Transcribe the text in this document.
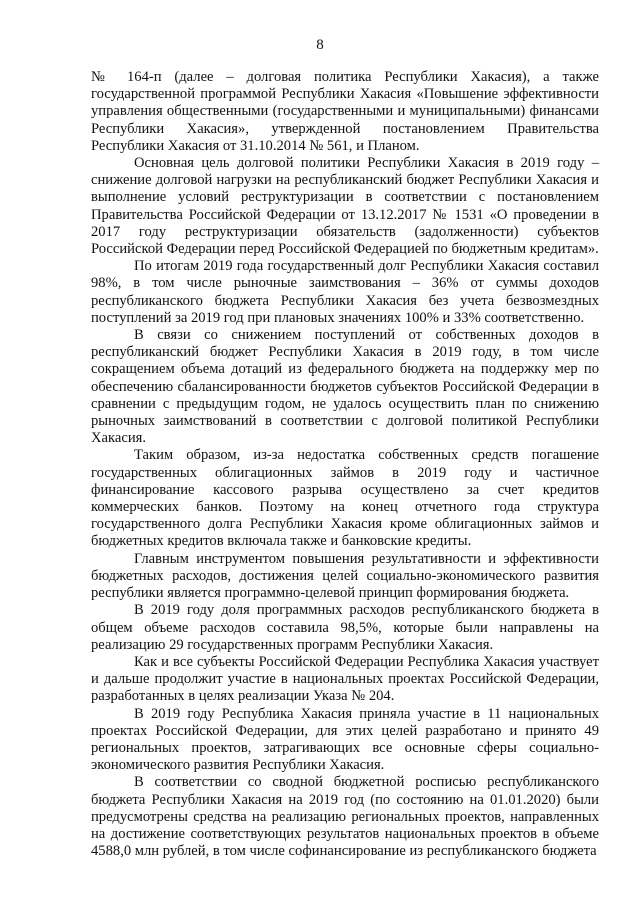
8

№ 164-п (далее – долговая политика Республики Хакасия), а также государственной программой Республики Хакасия «Повышение эффективности управления общественными (государственными и муниципальными) финансами Республики Хакасия», утвержденной постановлением Правительства Республики Хакасия от 31.10.2014 № 561, и Планом.

Основная цель долговой политики Республики Хакасия в 2019 году – снижение долговой нагрузки на республиканский бюджет Республики Хакасия и выполнение условий реструктуризации в соответствии с постановлением Правительства Российской Федерации от 13.12.2017 № 1531 «О проведении в 2017 году реструктуризации обязательств (задолженности) субъектов Российской Федерации перед Российской Федерацией по бюджетным кредитам».

По итогам 2019 года государственный долг Республики Хакасия составил 98%, в том числе рыночные заимствования – 36% от суммы доходов республиканского бюджета Республики Хакасия без учета безвозмездных поступлений за 2019 год при плановых значениях 100% и 33% соответственно.

В связи со снижением поступлений от собственных доходов в республиканский бюджет Республики Хакасия в 2019 году, в том числе сокращением объема дотаций из федерального бюджета на поддержку мер по обеспечению сбалансированности бюджетов субъектов Российской Федерации в сравнении с предыдущим годом, не удалось осуществить план по снижению рыночных заимствований в соответствии с долговой политикой Республики Хакасия.

Таким образом, из-за недостатка собственных средств погашение государственных облигационных займов в 2019 году и частичное финансирование кассового разрыва осуществлено за счет кредитов коммерческих банков. Поэтому на конец отчетного года структура государственного долга Республики Хакасия кроме облигационных займов и бюджетных кредитов включала также и банковские кредиты.

Главным инструментом повышения результативности и эффективности бюджетных расходов, достижения целей социально-экономического развития республики является программно-целевой принцип формирования бюджета.

В 2019 году доля программных расходов республиканского бюджета в общем объеме расходов составила 98,5%, которые были направлены на реализацию 29 государственных программ Республики Хакасия.

Как и все субъекты Российской Федерации Республика Хакасия участвует и дальше продолжит участие в национальных проектах Российской Федерации, разработанных в целях реализации Указа № 204.

В 2019 году Республика Хакасия приняла участие в 11 национальных проектах Российской Федерации, для этих целей разработано и принято 49 региональных проектов, затрагивающих все основные сферы социально-экономического развития Республики Хакасия.

В соответствии со сводной бюджетной росписью республиканского бюджета Республики Хакасия на 2019 год (по состоянию на 01.01.2020) были предусмотрены средства на реализацию региональных проектов, направленных на достижение соответствующих результатов национальных проектов в объеме 4588,0 млн рублей, в том числе софинансирование из республиканского бюджета
